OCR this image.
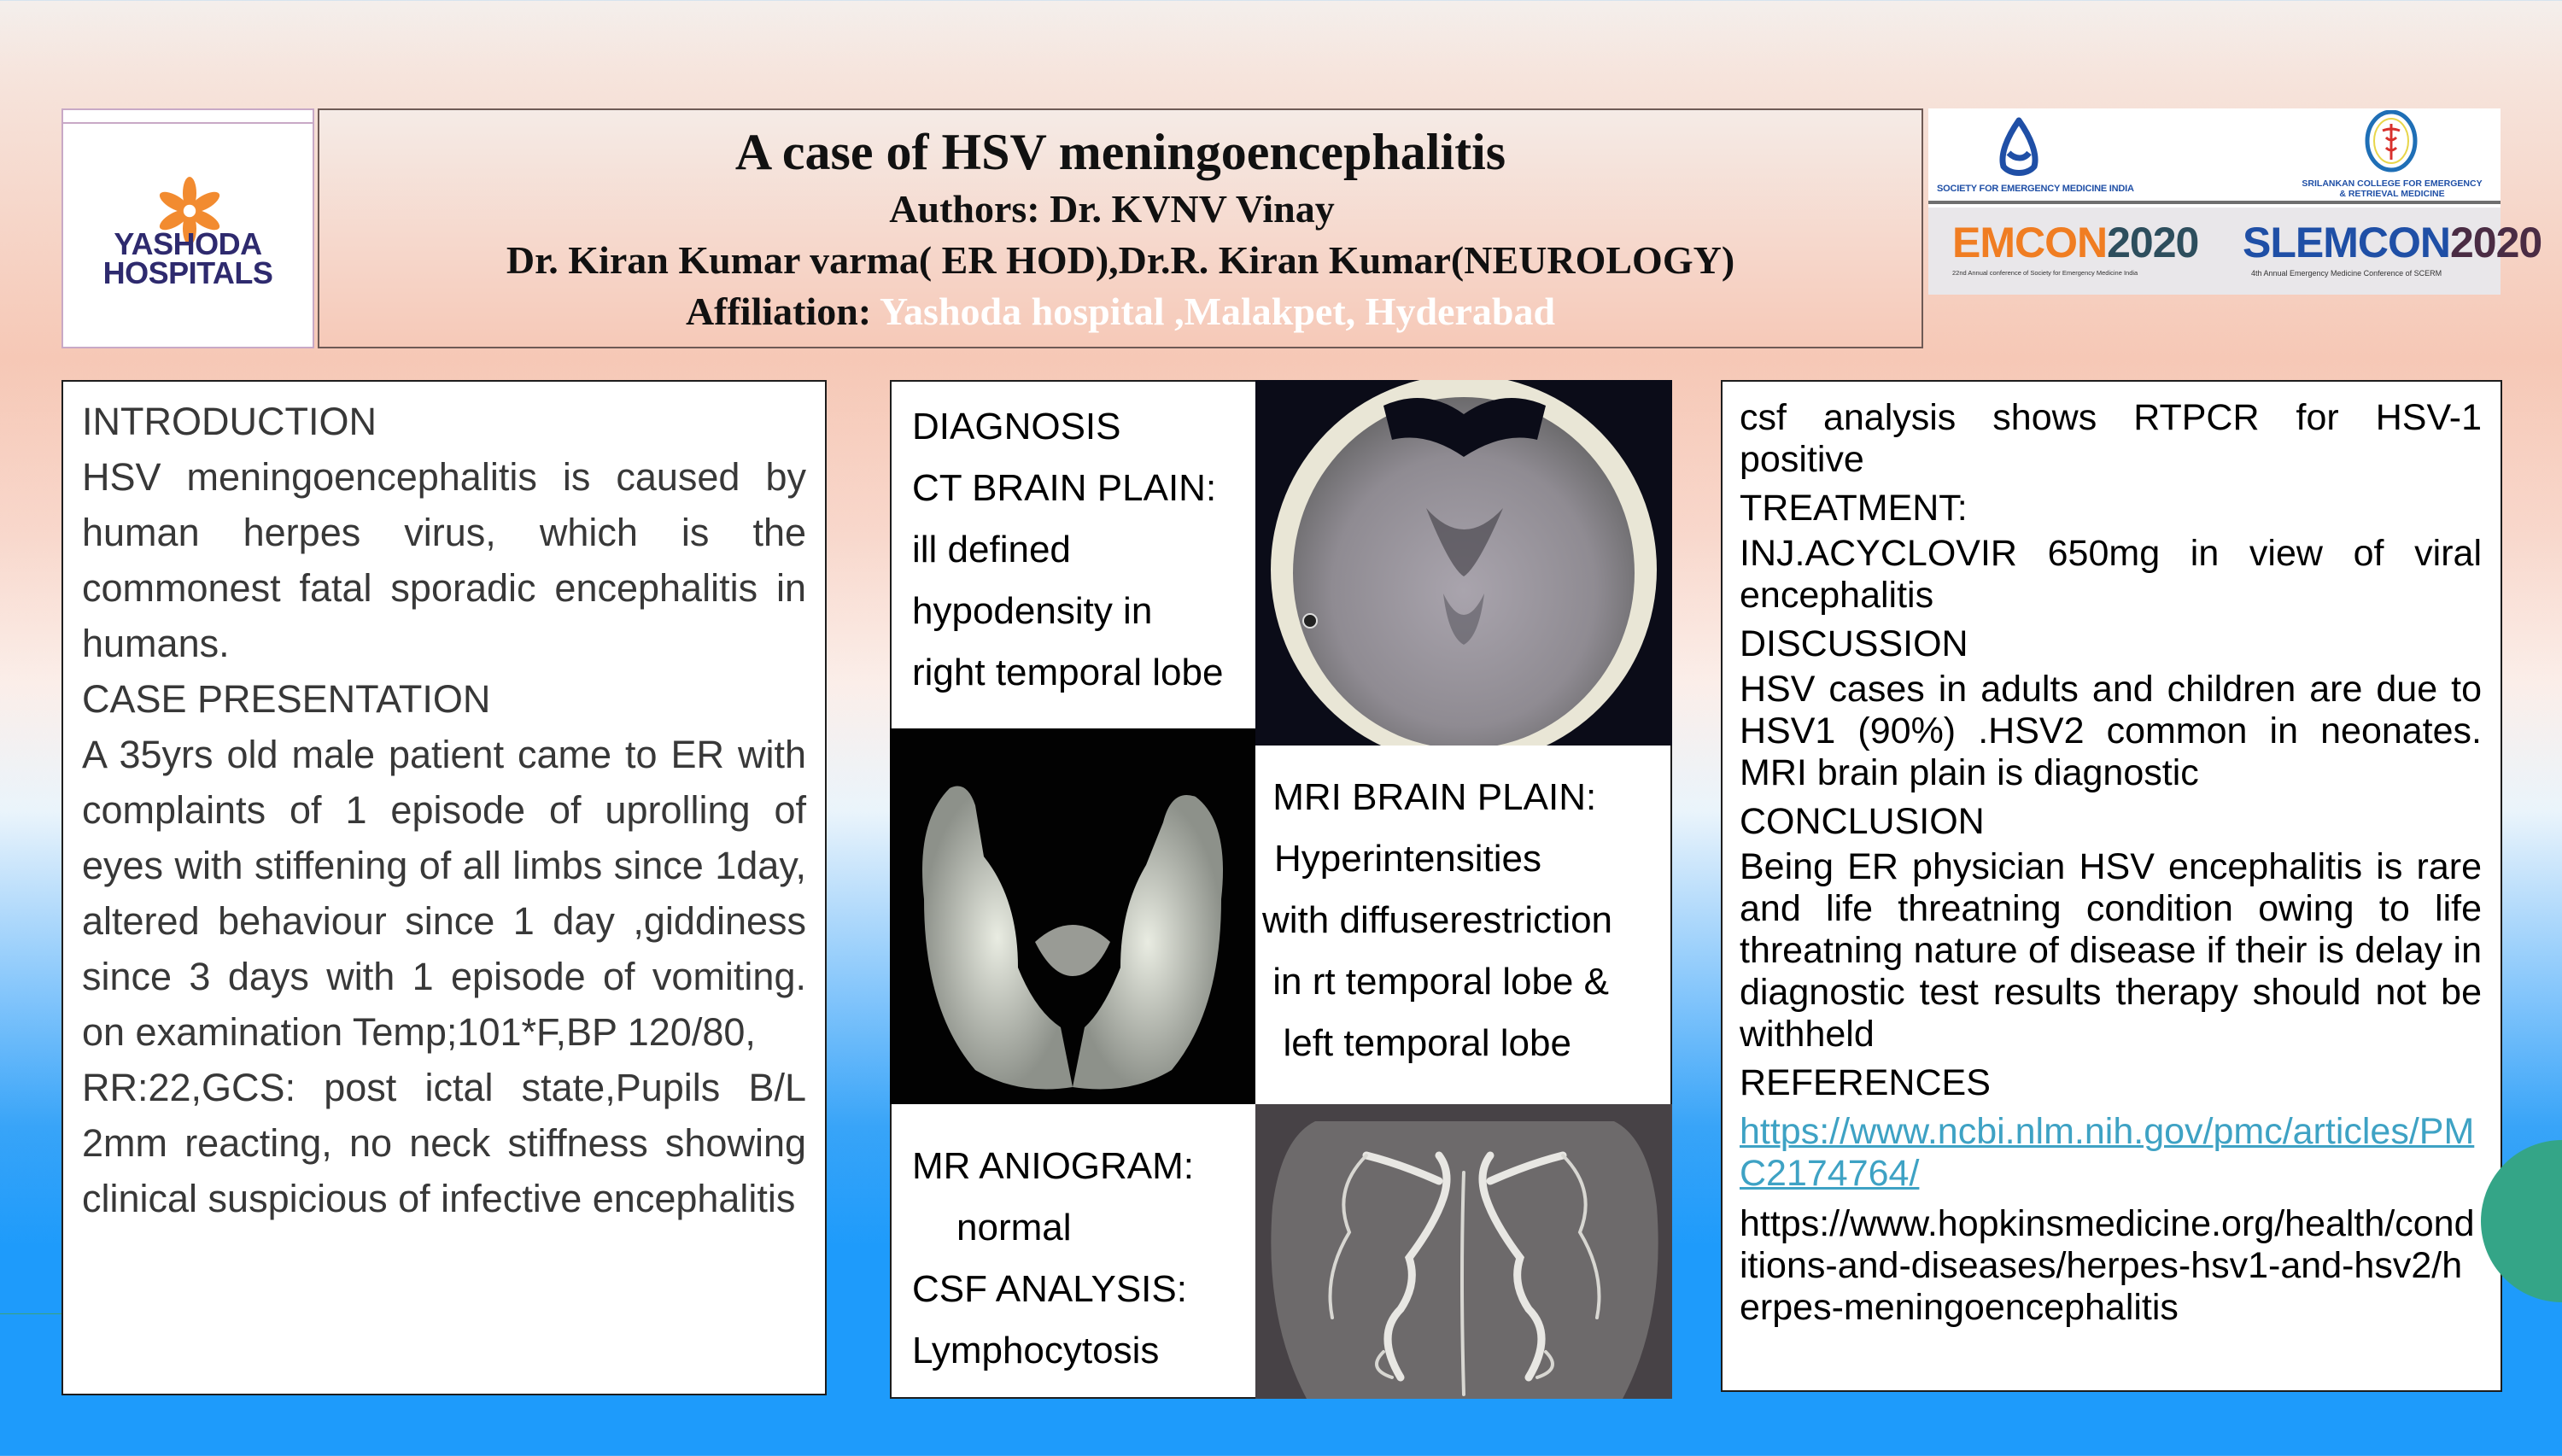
YASHODA
HOSPITALS
A case of HSV meningoencephalitis
Authors: Dr. KVNV Vinay
Dr. Kiran Kumar varma( ER HOD),Dr.R. Kiran Kumar(NEUROLOGY)
Affiliation: Yashoda hospital ,Malakpet, Hyderabad
SOCIETY FOR EMERGENCY MEDICINE INDIA	SRILANKAN COLLEGE FOR EMERGENCY
& RETRIEVAL MEDICINE
EMCON2020
22nd Annual conference of Society for Emergency Medicine India
SLEMCON2020
4th Annual Emergency Medicine Conference of SCERM
INTRODUCTION
HSV meningoencephalitis is caused by human herpes virus, which is the commonest fatal sporadic encephalitis in humans.
CASE PRESENTATION
A 35yrs old male patient came to ER with complaints of 1 episode of uprolling of eyes with stiffening of all limbs since 1day, altered behaviour since 1 day ,giddiness since 3 days with 1 episode of vomiting. on examination Temp;101*F,BP 120/80,
RR:22,GCS: post ictal state,Pupils B/L 2mm reacting, no neck stiffness showing clinical suspicious of infective encephalitis
DIAGNOSIS
CT BRAIN PLAIN:
ill defined
hypodensity in
right temporal lobe
MRI BRAIN PLAIN:
Hyperintensities
with diffuserestriction
in rt temporal lobe &
left temporal lobe
MR ANIOGRAM:
normal
CSF ANALYSIS:
Lymphocytosis
csf analysis shows RTPCR for HSV-1 positive
TREATMENT:
INJ.ACYCLOVIR 650mg in view of viral encephalitis
DISCUSSION
HSV cases in adults and children are due to HSV1 (90%) .HSV2 common in neonates. MRI brain plain is diagnostic
CONCLUSION
Being ER physician HSV encephalitis is rare and life threatning condition owing to life threatning nature of disease if their is delay in diagnostic test results therapy should not be withheld
REFERENCES
https://www.ncbi.nlm.nih.gov/pmc/articles/PMC2174764/
https://www.hopkinsmedicine.org/health/conditions-and-diseases/herpes-hsv1-and-hsv2/herpes-meningoencephalitis
